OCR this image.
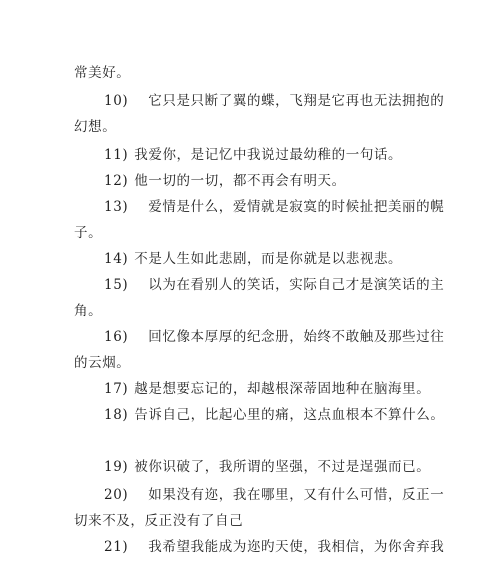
常美好。
10) 它只是只断了翼的蝶，飞翔是它再也无法拥抱的
幻想。
11) 我爱你，是记忆中我说过最幼稚的一句话。
12) 他一切的一切，都不再会有明天。
13) 爱情是什么，爱情就是寂寞的时候扯把美丽的幌
子。
14) 不是人生如此悲剧，而是你就是以悲视悲。
15) 以为在看别人的笑话，实际自己才是演笑话的主
角。
16) 回忆像本厚厚的纪念册，始终不敢触及那些过往
的云烟。
17) 越是想要忘记的，却越根深蒂固地种在脑海里。
18) 告诉自己，比起心里的痛，这点血根本不算什么。
19) 被你识破了，我所谓的坚强，不过是逞强而已。
20) 如果没有迩，我在哪里，又有什么可惜，反正一
切来不及，反正没有了自己
21) 我希望我能成为迩旳天使，我相信，为你舍弃我
